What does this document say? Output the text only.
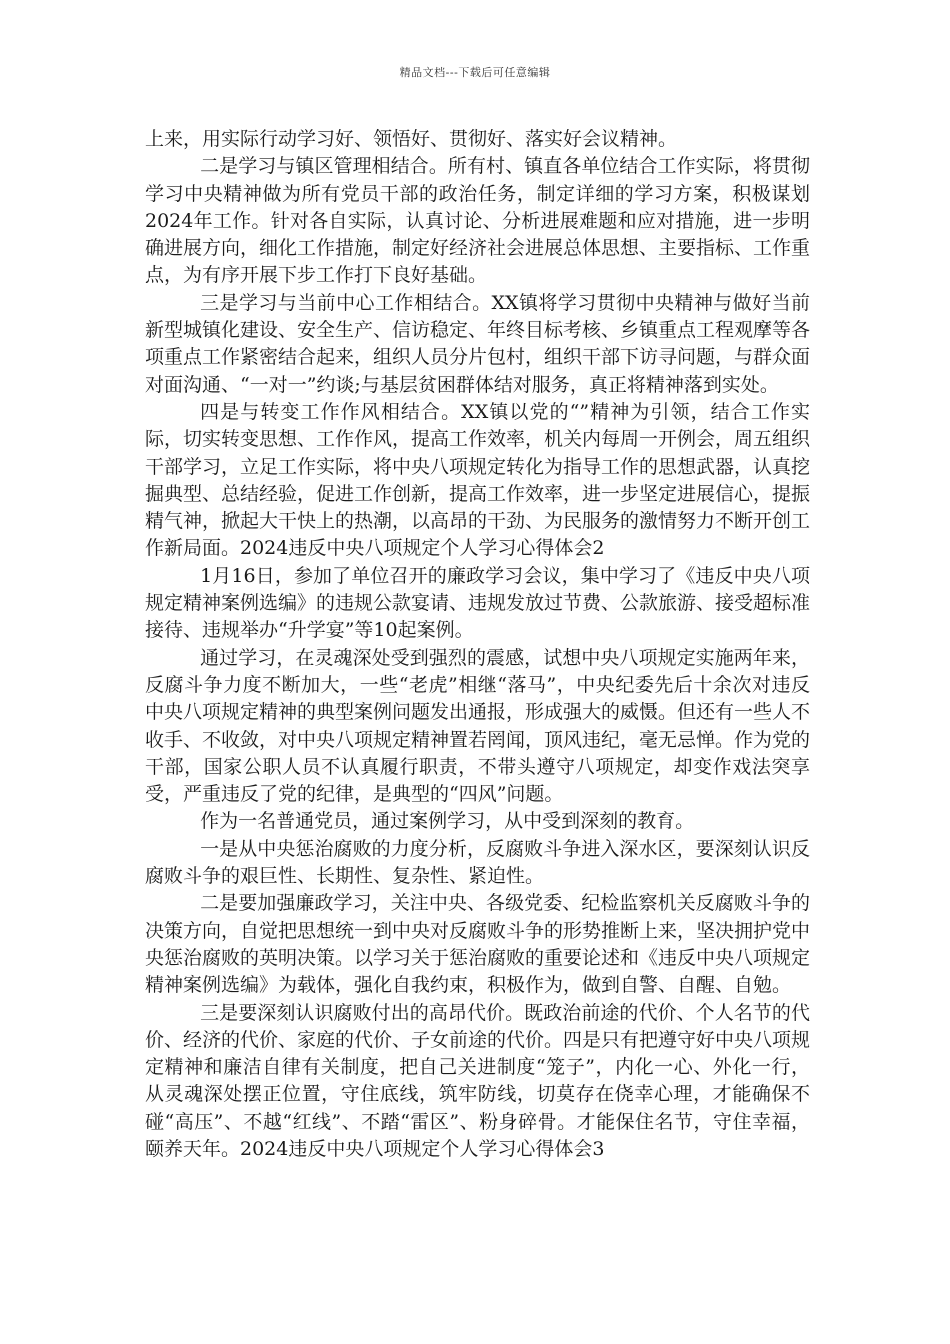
精品文档---下载后可任意编辑

上来，用实际行动学习好、领悟好、贯彻好、落实好会议精神。

二是学习与镇区管理相结合。所有村、镇直各单位结合工作实际，将贯彻学习中央精神做为所有党员干部的政治任务，制定详细的学习方案，积极谋划2024年工作。针对各自实际，认真讨论、分析进展难题和应对措施，进一步明确进展方向，细化工作措施，制定好经济社会进展总体思想、主要指标、工作重点，为有序开展下步工作打下良好基础。

三是学习与当前中心工作相结合。XX镇将学习贯彻中央精神与做好当前新型城镇化建设、安全生产、信访稳定、年终目标考核、乡镇重点工程观摩等各项重点工作紧密结合起来，组织人员分片包村，组织干部下访寻问题，与群众面对面沟通、“一对一”约谈;与基层贫困群体结对服务，真正将精神落到实处。

四是与转变工作作风相结合。XX镇以党的“”精神为引领，结合工作实际，切实转变思想、工作作风，提高工作效率，机关内每周一开例会，周五组织干部学习，立足工作实际，将中央八项规定转化为指导工作的思想武器，认真挖掘典型、总结经验，促进工作创新，提高工作效率，进一步坚定进展信心，提振精气神，掀起大干快上的热潮，以高昂的干劲、为民服务的激情努力不断开创工作新局面。2024违反中央八项规定个人学习心得体会2

1月16日，参加了单位召开的廉政学习会议，集中学习了《违反中央八项规定精神案例选编》的违规公款宴请、违规发放过节费、公款旅游、接受超标准接待、违规举办“升学宴”等10起案例。

通过学习，在灵魂深处受到强烈的震感，试想中央八项规定实施两年来，反腐斗争力度不断加大，一些“老虎”相继“落马”，中央纪委先后十余次对违反中央八项规定精神的典型案例问题发出通报，形成强大的威慑。但还有一些人不收手、不收敛，对中央八项规定精神置若罔闻，顶风违纪，毫无忌惮。作为党的干部，国家公职人员不认真履行职责，不带头遵守八项规定，却变作戏法突享受，严重违反了党的纪律，是典型的“四风”问题。

作为一名普通党员，通过案例学习，从中受到深刻的教育。

一是从中央惩治腐败的力度分析，反腐败斗争进入深水区，要深刻认识反腐败斗争的艰巨性、长期性、复杂性、紧迫性。

二是要加强廉政学习，关注中央、各级党委、纪检监察机关反腐败斗争的决策方向，自觉把思想统一到中央对反腐败斗争的形势推断上来，坚决拥护党中央惩治腐败的英明决策。以学习关于惩治腐败的重要论述和《违反中央八项规定精神案例选编》为载体，强化自我约束，积极作为，做到自警、自醒、自勉。

三是要深刻认识腐败付出的高昂代价。既政治前途的代价、个人名节的代价、经济的代价、家庭的代价、子女前途的代价。四是只有把遵守好中央八项规定精神和廉洁自律有关制度，把自己关进制度“笼子”，内化一心、外化一行，从灵魂深处摆正位置，守住底线，筑牢防线，切莫存在侥幸心理，才能确保不碰“高压”、不越“红线”、不踏“雷区”、粉身碎骨。才能保住名节，守住幸福，颐养天年。2024违反中央八项规定个人学习心得体会3
